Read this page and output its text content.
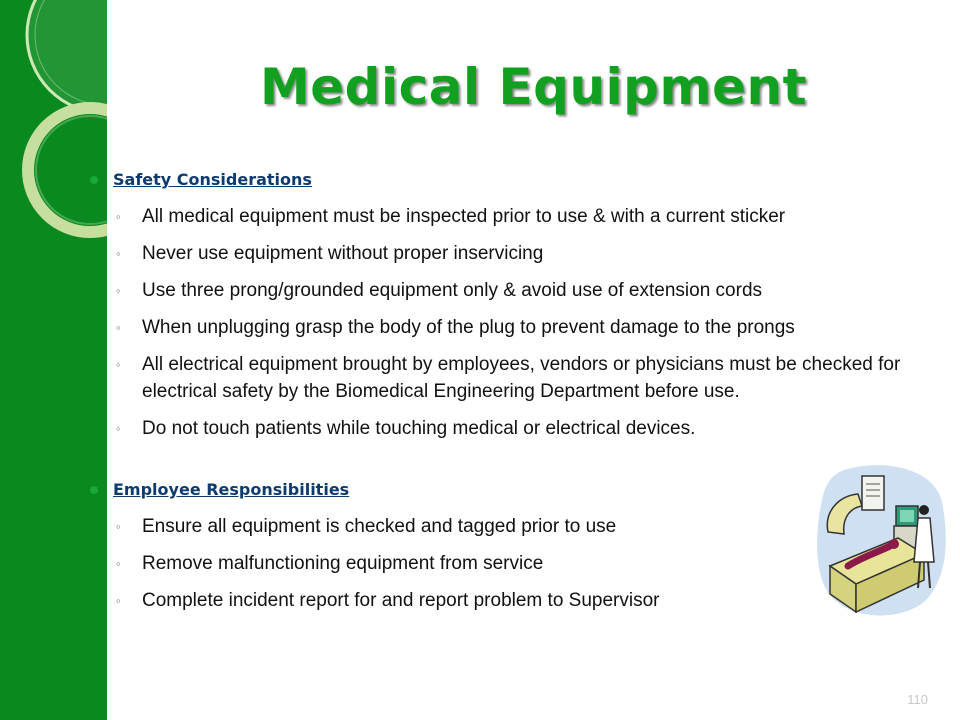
Medical Equipment
Safety Considerations
◦ All medical equipment must be inspected prior to use & with a current sticker
◦ Never use equipment without proper inservicing
◦ Use three prong/grounded equipment only & avoid use of extension cords
◦ When unplugging grasp the body of the plug to prevent damage to the prongs
◦ All electrical equipment brought by employees, vendors or physicians must be checked for electrical safety by the Biomedical Engineering Department before use.
◦ Do not touch patients while touching medical or electrical devices.
Employee Responsibilities
◦ Ensure all equipment is checked and tagged prior to use
◦ Remove malfunctioning equipment from service
◦ Complete incident report for and report problem to Supervisor
110
